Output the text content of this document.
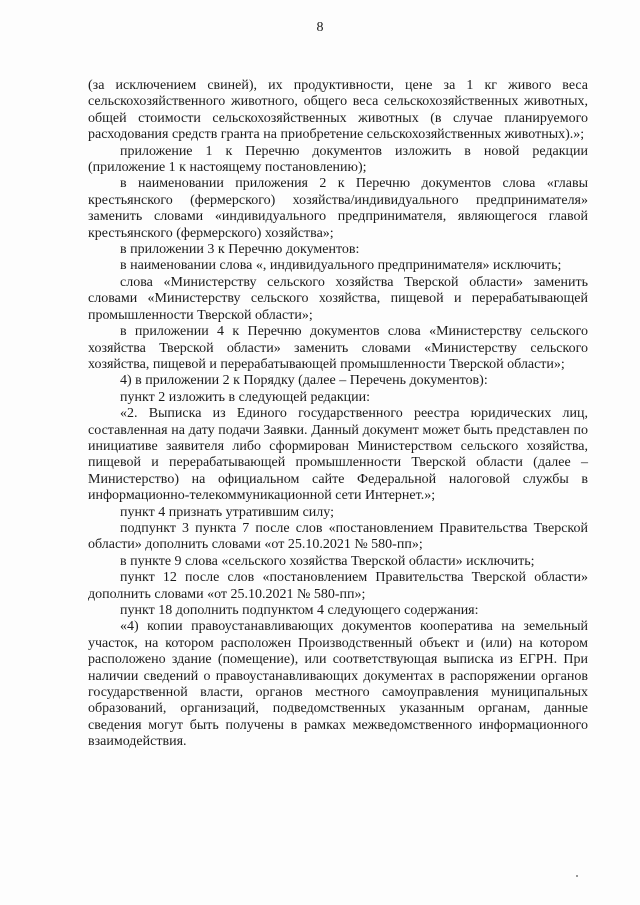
8

(за исключением свиней), их продуктивности, цене за 1 кг живого веса сельскохозяйственного животного, общего веса сельскохозяйственных животных, общей стоимости сельскохозяйственных животных (в случае планируемого расходования средств гранта на приобретение сельскохозяйственных животных).»;

приложение 1 к Перечню документов изложить в новой редакции (приложение 1 к настоящему постановлению);

в наименовании приложения 2 к Перечню документов слова «главы крестьянского (фермерского) хозяйства/индивидуального предпринимателя» заменить словами «индивидуального предпринимателя, являющегося главой крестьянского (фермерского) хозяйства»;

в приложении 3 к Перечню документов:

в наименовании слова «, индивидуального предпринимателя» исключить;

слова «Министерству сельского хозяйства Тверской области» заменить словами «Министерству сельского хозяйства, пищевой и перерабатывающей промышленности Тверской области»;

в приложении 4 к Перечню документов слова «Министерству сельского хозяйства Тверской области» заменить словами «Министерству сельского хозяйства, пищевой и перерабатывающей промышленности Тверской области»;

4) в приложении 2 к Порядку (далее – Перечень документов):

пункт 2 изложить в следующей редакции:

«2. Выписка из Единого государственного реестра юридических лиц, составленная на дату подачи Заявки. Данный документ может быть представлен по инициативе заявителя либо сформирован Министерством сельского хозяйства, пищевой и перерабатывающей промышленности Тверской области (далее – Министерство) на официальном сайте Федеральной налоговой службы в информационно-телекоммуникационной сети Интернет.»;

пункт 4 признать утратившим силу;

подпункт 3 пункта 7 после слов «постановлением Правительства Тверской области» дополнить словами «от 25.10.2021 № 580-пп»;

в пункте 9 слова «сельского хозяйства Тверской области» исключить;

пункт 12 после слов «постановлением Правительства Тверской области» дополнить словами «от 25.10.2021 № 580-пп»;

пункт 18 дополнить подпунктом 4 следующего содержания:

«4) копии правоустанавливающих документов кооператива на земельный участок, на котором расположен Производственный объект и (или) на котором расположено здание (помещение), или соответствующая выписка из ЕГРН. При наличии сведений о правоустанавливающих документах в распоряжении органов государственной власти, органов местного самоуправления муниципальных образований, организаций, подведомственных указанным органам, данные сведения могут быть получены в рамках межведомственного информационного взаимодействия.
